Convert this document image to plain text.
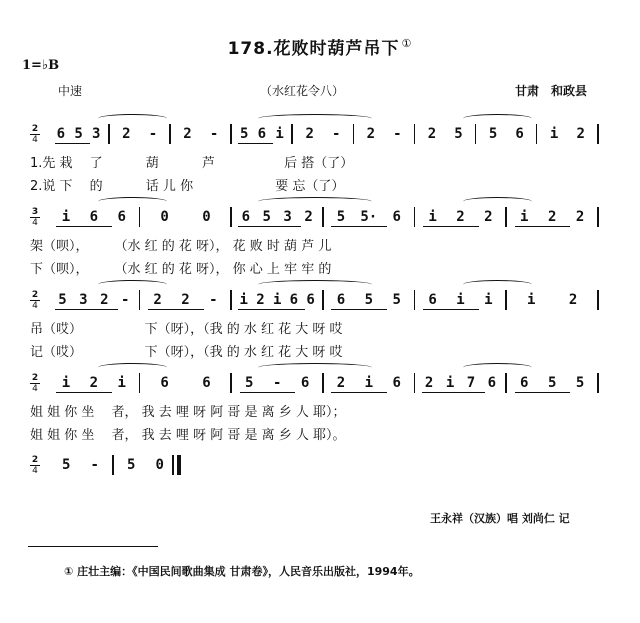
178.花败时葫芦吊下 ①
1=♭B
中速	（水红花令八）	甘肃　和政县
2
4	6 5 3	2	-	2	-	5 6 i	2	-	2	-	2	5	5	6	i	2
1.先 栽　 了　　　 葫　　　 芦　　　　　 后 搭（了）
2.说 下　 的　　　 话 儿 你　　　　　　 要 忘（了）
3
4	i	6	6	0	0	6 5 3 2	5	5·	6	i	2	2	i	2	2
架（呗），　　　（水 红 的 花 呀）， 花 败 时 葫 芦 儿
下（呗），　　　（水 红 的 花 呀）， 你 心 上 牢 牢 的
2
4	5 3 2 -	2	2	-	i 2 i 6 6	6	5	5	6	i	i	i	2
吊（哎）　　　　　 下（呀），（我 的 水 红 花 大 呀 哎
记（哎）　　　　　 下（呀），（我 的 水 红 花 大 呀 哎
2
4	i	2	i	6	6	5	-	6	2	i	6	2 i 7 6	6	5	5
姐 姐 你 坐　 者， 我 去 哩 呀 阿 哥 是 离 乡 人 耶）；
姐 姐 你 坐　 者， 我 去 哩 呀 阿 哥 是 离 乡 人 耶）。
2
4	5	-	5	0
王永祥（汉族）唱 刘尚仁 记
① 庄壮主编：《中国民间歌曲集成 甘肃卷》，人民音乐出版社，1994年。
